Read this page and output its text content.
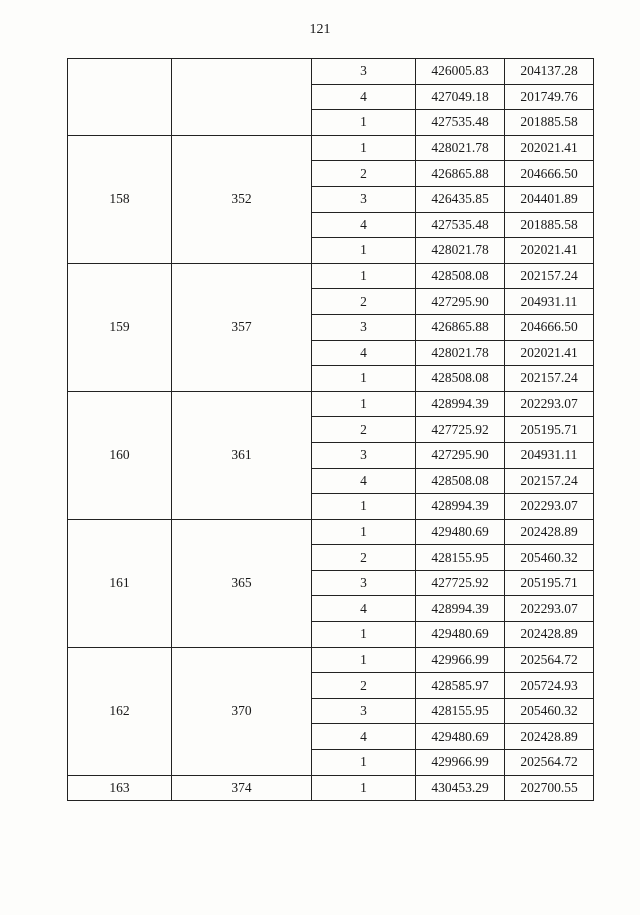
121
		3	426005.83	204137.28
		4	427049.18	201749.76
		1	427535.48	201885.58
158	352	1	428021.78	202021.41
		2	426865.88	204666.50
		3	426435.85	204401.89
		4	427535.48	201885.58
		1	428021.78	202021.41
159	357	1	428508.08	202157.24
		2	427295.90	204931.11
		3	426865.88	204666.50
		4	428021.78	202021.41
		1	428508.08	202157.24
160	361	1	428994.39	202293.07
		2	427725.92	205195.71
		3	427295.90	204931.11
		4	428508.08	202157.24
		1	428994.39	202293.07
161	365	1	429480.69	202428.89
		2	428155.95	205460.32
		3	427725.92	205195.71
		4	428994.39	202293.07
		1	429480.69	202428.89
162	370	1	429966.99	202564.72
		2	428585.97	205724.93
		3	428155.95	205460.32
		4	429480.69	202428.89
		1	429966.99	202564.72
163	374	1	430453.29	202700.55
